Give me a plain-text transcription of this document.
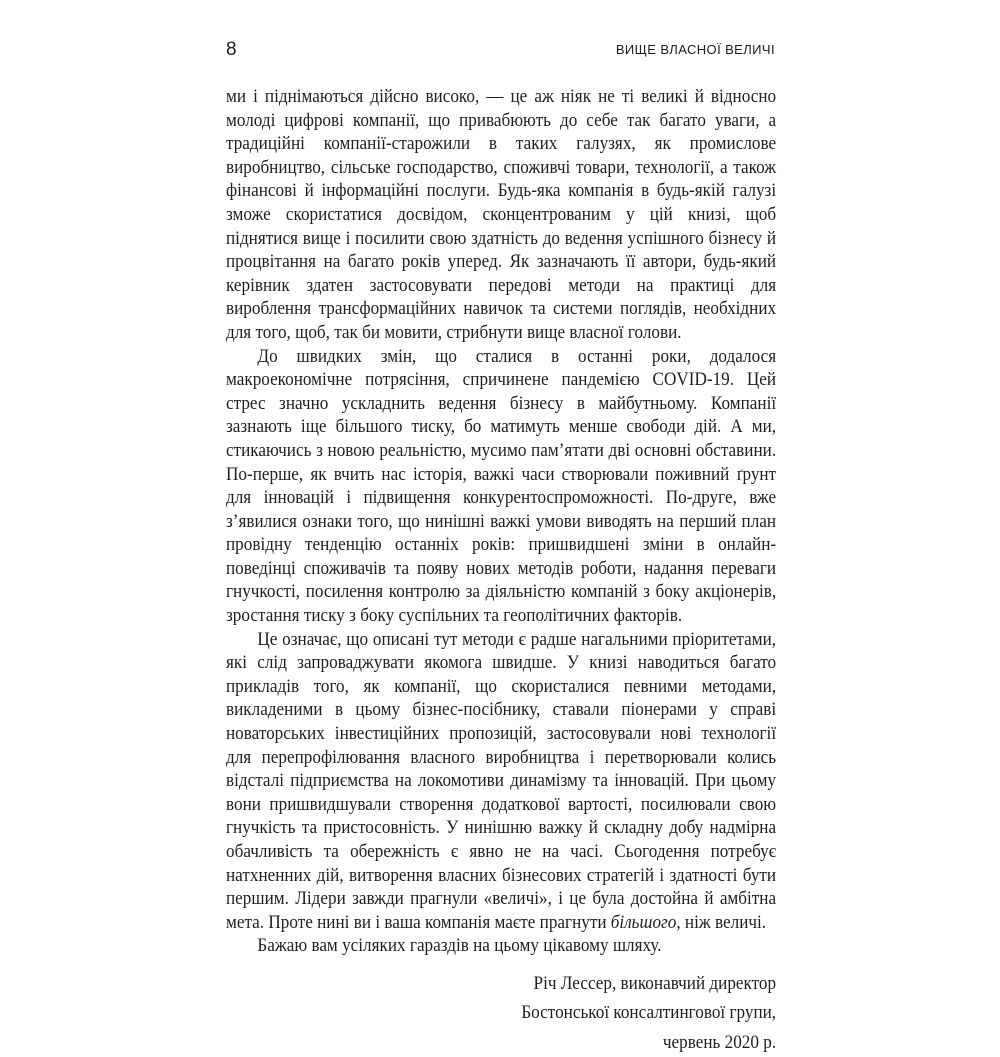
8	ВИЩЕ ВЛАСНОЇ ВЕЛИЧІ

ми і піднімаються дійсно високо, — це аж ніяк не ті великі й відносно молоді цифрові компанії, що привабюють до себе так багато уваги, а традиційні компанії-старожили в таких галузях, як промислове виробництво, сільське господарство, споживчі товари, технології, а також фінансові й інформаційні послуги. Будь-яка компанія в будь-якій галузі зможе скористатися досвідом, сконцентрованим у цій книзі, щоб піднятися вище і посилити свою здатність до ведення успішного бізнесу й процвітання на багато років уперед. Як зазначають її автори, будь-який керівник здатен застосовувати передові методи на практиці для вироблення трансформаційних навичок та системи поглядів, необхідних для того, щоб, так би мовити, стрибнути вище власної голови.

До швидких змін, що сталися в останні роки, додалося макроекономічне потрясіння, спричинене пандемією COVID-19. Цей стрес значно ускладнить ведення бізнесу в майбутньому. Компанії зазнають іще більшого тиску, бо матимуть менше свободи дій. А ми, стикаючись з новою реальністю, мусимо пам’ятати дві основні обставини. По-перше, як вчить нас історія, важкі часи створювали поживний ґрунт для інновацій і підвищення конкурентоспроможності. По-друге, вже з’явилися ознаки того, що нинішні важкі умови виводять на перший план провідну тенденцію останніх років: пришвидшені зміни в онлайн-поведінці споживачів та появу нових методів роботи, надання переваги гнучкості, посилення контролю за діяльністю компаній з боку акціонерів, зростання тиску з боку суспільних та геополітичних факторів.

Це означає, що описані тут методи є радше нагальними пріоритетами, які слід запроваджувати якомога швидше. У книзі наводиться багато прикладів того, як компанії, що скористалися певними методами, викладеними в цьому бізнес-посібнику, ставали піонерами у справі новаторських інвестиційних пропозицій, застосовували нові технології для перепрофілювання власного виробництва і перетворювали колись відсталі підприємства на локомотиви динамізму та інновацій. При цьому вони пришвидшували створення додаткової вартості, посилювали свою гнучкість та пристосовність. У нинішню важку й складну добу надмірна обачливість та обережність є явно не на часі. Сьогодення потребує натхненних дій, витворення власних бізнесових стратегій і здатності бути першим. Лідери завжди прагнули «величі», і це була достойна й амбітна мета. Проте нині ви і ваша компанія маєте прагнути більшого, ніж величі.

Бажаю вам усіляких гараздів на цьому цікавому шляху.

Річ Лессер, виконавчий директор
Бостонської консалтингової групи,
червень 2020 р.
